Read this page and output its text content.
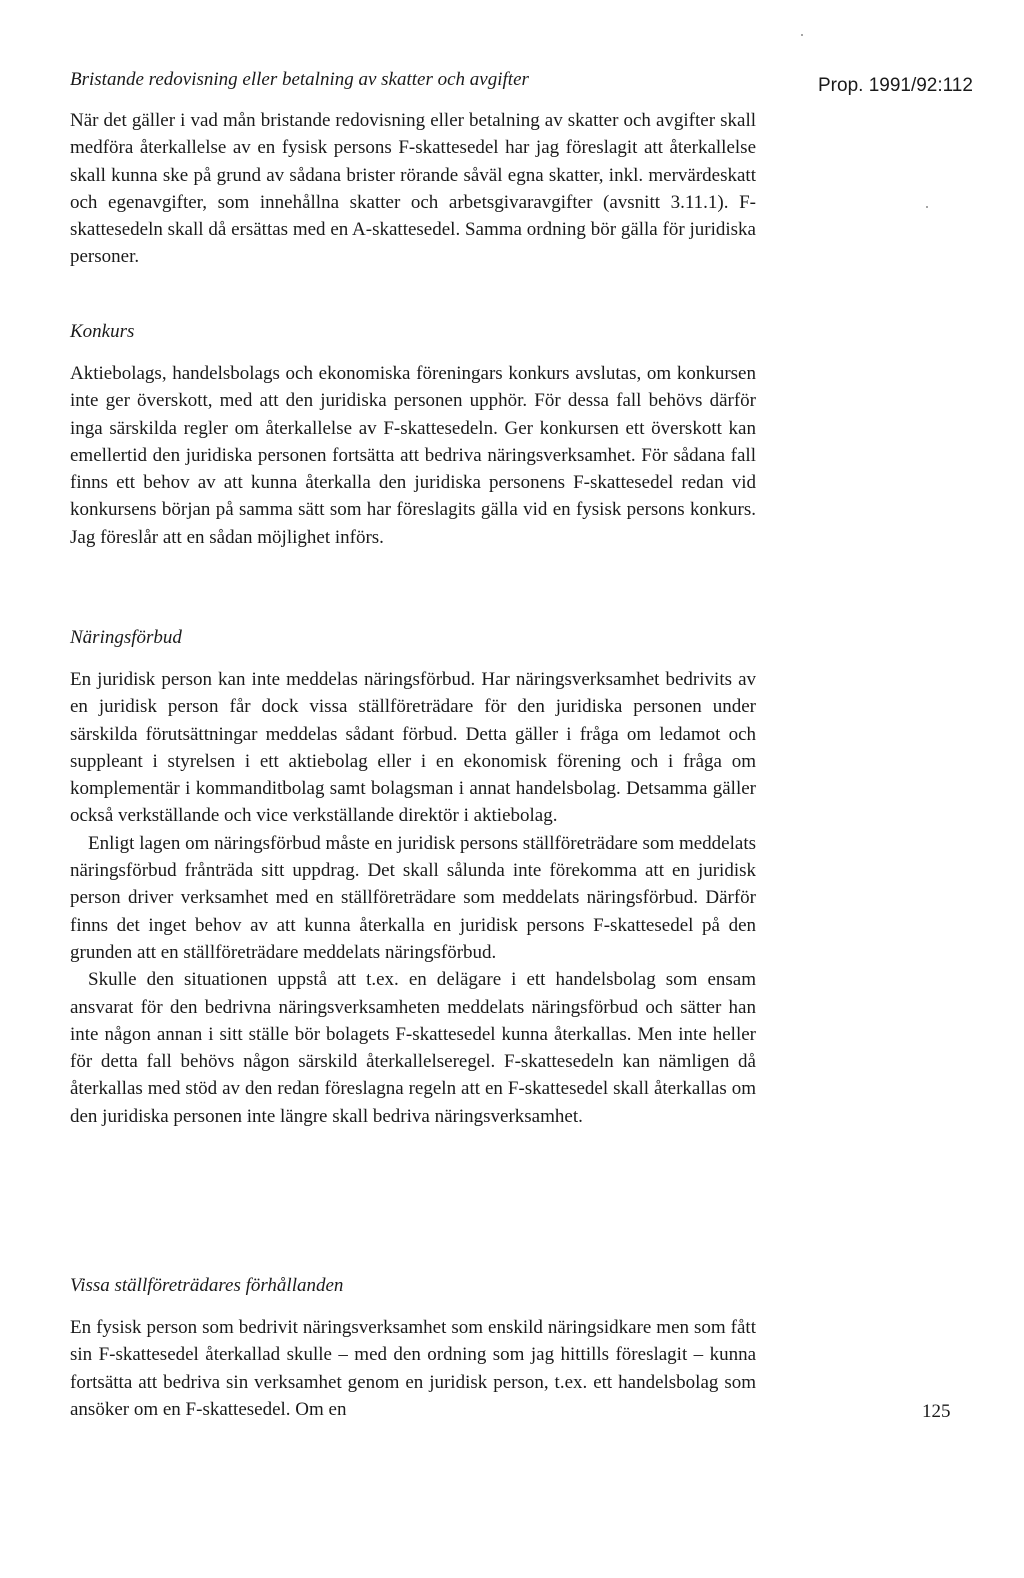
Bristande redovisning eller betalning av skatter och avgifter	Prop. 1991/92:112

När det gäller i vad mån bristande redovisning eller betalning av skatter och avgifter skall medföra återkallelse av en fysisk persons F-skattesedel har jag föreslagit att återkallelse skall kunna ske på grund av sådana brister rörande såväl egna skatter, inkl. mervärdeskatt och egenavgifter, som innehållna skatter och arbetsgivaravgifter (avsnitt 3.11.1). F-skattesedeln skall då ersättas med en A-skattesedel. Samma ordning bör gälla för juridiska personer.

Konkurs

Aktiebolags, handelsbolags och ekonomiska föreningars konkurs avslutas, om konkursen inte ger överskott, med att den juridiska personen upphör. För dessa fall behövs därför inga särskilda regler om återkallelse av F-skattesedeln. Ger konkursen ett överskott kan emellertid den juridiska personen fortsätta att bedriva näringsverksamhet. För sådana fall finns ett behov av att kunna återkalla den juridiska personens F-skattesedel redan vid konkursens början på samma sätt som har föreslagits gälla vid en fysisk persons konkurs. Jag föreslår att en sådan möjlighet införs.

Näringsförbud

En juridisk person kan inte meddelas näringsförbud. Har näringsverksamhet bedrivits av en juridisk person får dock vissa ställföreträdare för den juridiska personen under särskilda förutsättningar meddelas sådant förbud. Detta gäller i fråga om ledamot och suppleant i styrelsen i ett aktiebolag eller i en ekonomisk förening och i fråga om komplementär i kommanditbolag samt bolagsman i annat handelsbolag. Detsamma gäller också verkställande och vice verkställande direktör i aktiebolag.

Enligt lagen om näringsförbud måste en juridisk persons ställföreträdare som meddelats näringsförbud frånträda sitt uppdrag. Det skall sålunda inte förekomma att en juridisk person driver verksamhet med en ställföreträdare som meddelats näringsförbud. Därför finns det inget behov av att kunna återkalla en juridisk persons F-skattesedel på den grunden att en ställföreträdare meddelats näringsförbud.

Skulle den situationen uppstå att t.ex. en delägare i ett handelsbolag som ensam ansvarat för den bedrivna näringsverksamheten meddelats näringsförbud och sätter han inte någon annan i sitt ställe bör bolagets F-skattesedel kunna återkallas. Men inte heller för detta fall behövs någon särskild återkallelseregel. F-skattesedeln kan nämligen då återkallas med stöd av den redan föreslagna regeln att en F-skattesedel skall återkallas om den juridiska personen inte längre skall bedriva näringsverksamhet.

Vissa ställföreträdares förhållanden

En fysisk person som bedrivit näringsverksamhet som enskild näringsidkare men som fått sin F-skattesedel återkallad skulle – med den ordning som jag hittills föreslagit – kunna fortsätta att bedriva sin verksamhet genom en juridisk person, t.ex. ett handelsbolag som ansöker om en F-skattesedel. Om en	125
